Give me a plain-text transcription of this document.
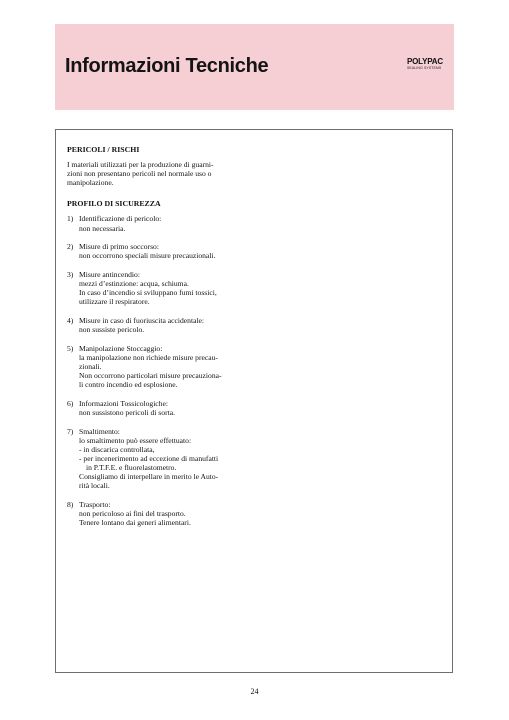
Informazioni Tecniche	POLYPAC
SEALING SYSTEMS
PERICOLI / RISCHI
I materiali utilizzati per la produzione di guarni-
zioni non presentano pericoli nel normale uso o
manipolazione.
PROFILO DI SICUREZZA
1) Identificazione di pericolo:
non necessaria.
2) Misure di primo soccorso:
non occorrono speciali misure precauzionali.
3) Misure antincendio:
mezzi d’estinzione: acqua, schiuma.
In caso d’incendio si sviluppano fumi tossici,
utilizzare il respiratore.
4) Misure in caso di fuoriuscita accidentale:
non sussiste pericolo.
5) Manipolazione Stoccaggio:
la manipolazione non richiede misure precau-
zionali.
Non occorrono particolari misure precauziona-
li contro incendio ed esplosione.
6) Informazioni Tossicologiche:
non sussistono pericoli di sorta.
7) Smaltimento:
lo smaltimento può essere effettuato:
- in discarica controllata,
- per incenerimento ad eccezione di manufatti
in P.T.F.E. e fluorelastometro.
Consigliamo di interpellare in merito le Auto-
rità locali.
8) Trasporto:
non pericoloso ai fini del trasporto.
Tenere lontano dai generi alimentari.
24
